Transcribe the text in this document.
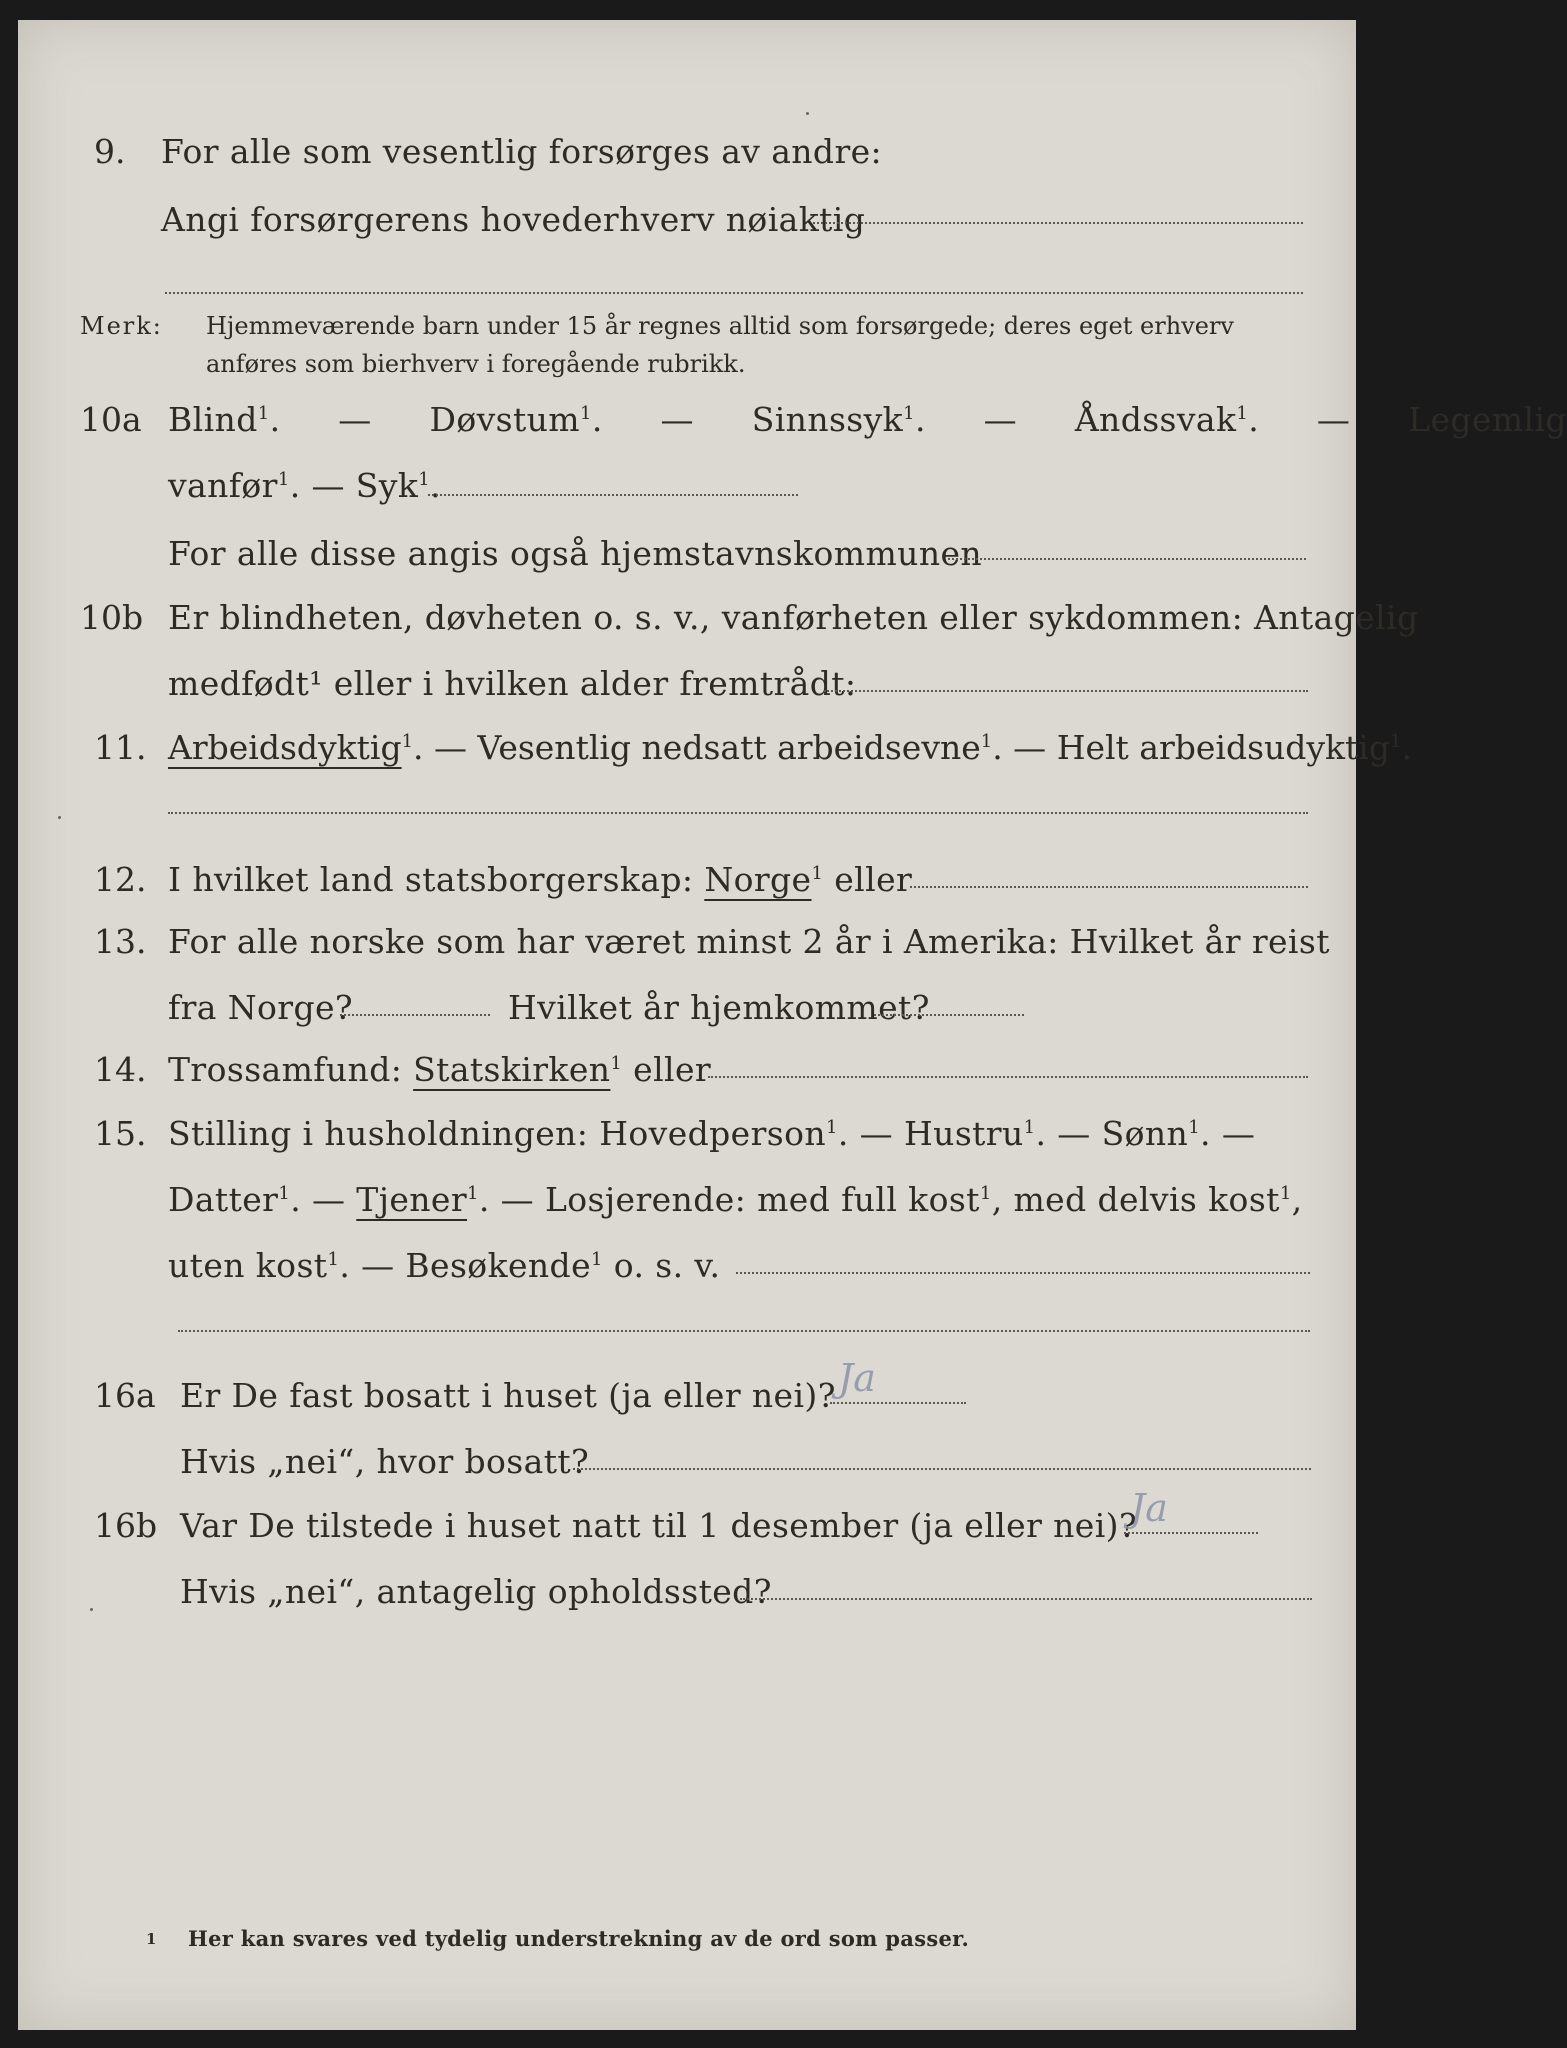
9. For alle som vesentlig forsørges av andre:
Angi forsørgerens hovederhverv nøiaktig
Merk: Hjemmeværende barn under 15 år regnes alltid som forsørgede; deres eget erhverv
anføres som bierhverv i foregående rubrikk.
10a Blind$^1$.  —  Døvstum$^1$.  —  Sinnssyk$^1$.  —  Åndssvak$^1$.  —  Legemlig
vanfør$^1$. — Syk$^1$.
For alle disse angis også hjemstavnskommunen
10b Er blindheten, døvheten o. s. v., vanførheten eller sykdommen: Antagelig
medfødt¹ eller i hvilken alder fremtrådt:
11. Arbeidsdyktig$^1$. — Vesentlig nedsatt arbeidsevne$^1$. — Helt arbeidsudyktig$^1$.
12. I hvilket land statsborgerskap: Norge$^1$ eller
13. For alle norske som har været minst 2 år i Amerika: Hvilket år reist
fra Norge?	Hvilket år hjemkommet?
14. Trossamfund: Statskirken$^1$ eller
15. Stilling i husholdningen: Hovedperson$^1$. — Hustru$^1$. — Sønn$^1$. —
Datter$^1$. — Tjener$^1$. — Losjerende: med full kost$^1$, med delvis kost$^1$,
uten kost$^1$. — Besøkende$^1$ o. s. v.
16a Er De fast bosatt i huset (ja eller nei)? Ja
Hvis „nei“, hvor bosatt?
16b Var De tilstede i huset natt til 1 desember (ja eller nei)?
Ja
Hvis „nei“, antagelig opholdssted?
1 Her kan svares ved tydelig understrekning av de ord som passer.
